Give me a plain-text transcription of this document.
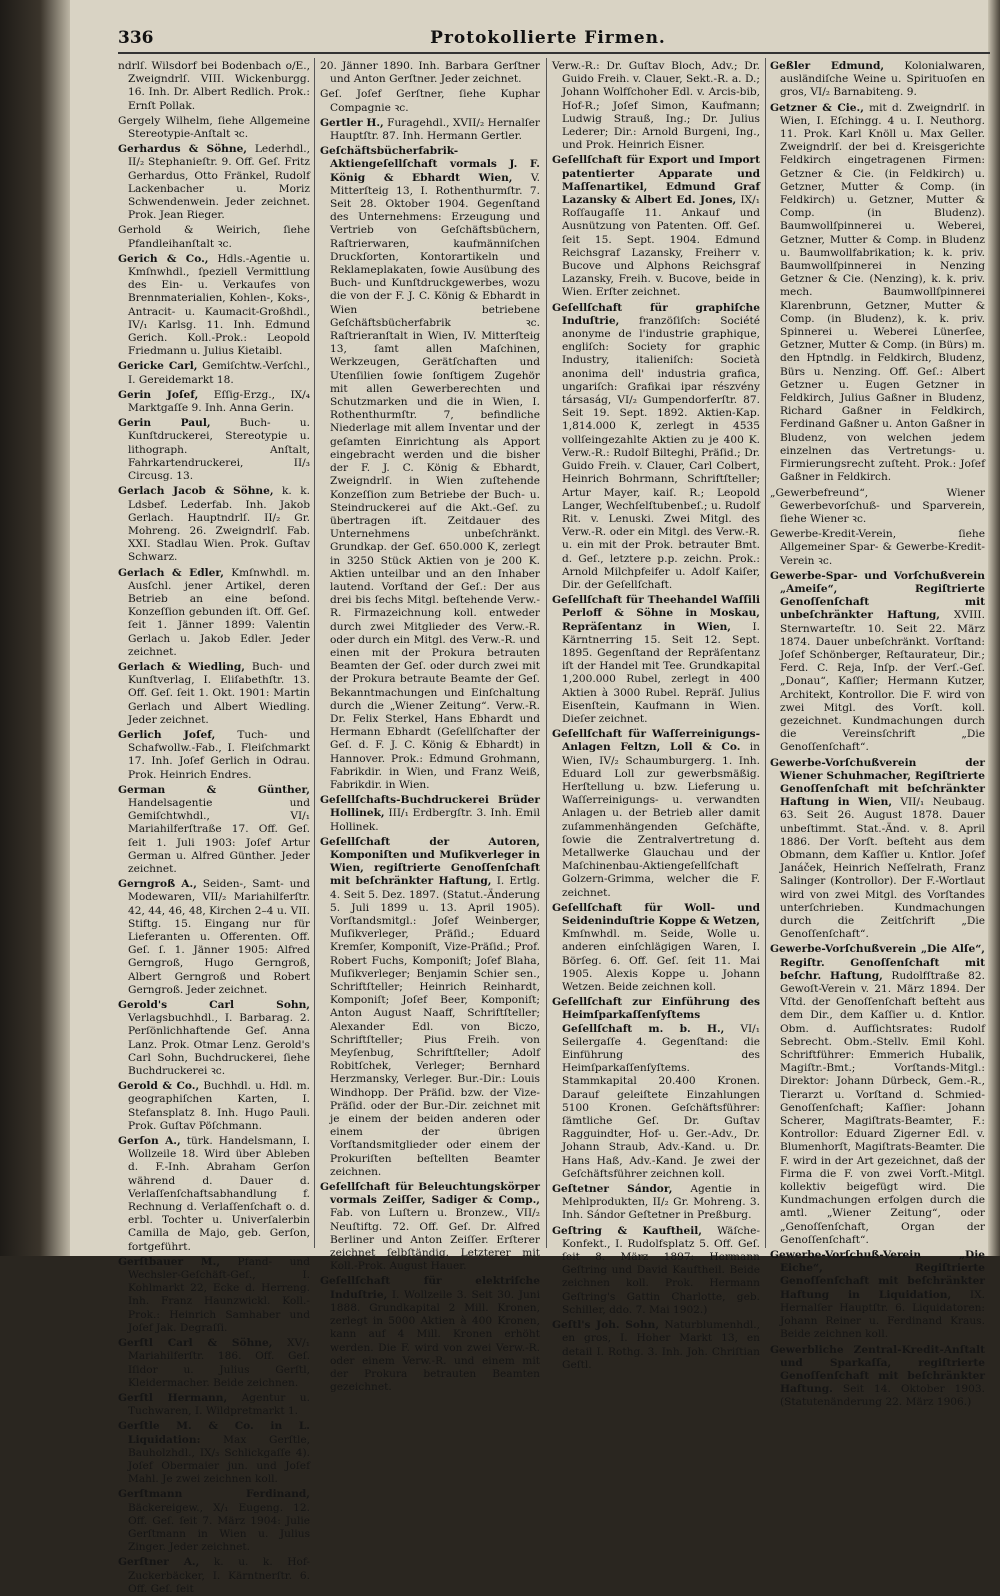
336	Protokollierte Firmen.
ndrlſ. Wilsdorf bei Bodenbach o/E., Zweigndrlſ. VIII. Wickenburgg. 16. Inh. Dr. Albert Redlich. Prok.: Ernſt Pollak.
Gergely Wilhelm, ſiehe Allgemeine Stereotypie-Anſtalt ꝛc.
Gerhardus & Söhne, Lederhdl., II/₂ Stephanieſtr. 9. Off. Geſ. Fritz Gerhardus, Otto Fränkel, Rudolf Lackenbacher u. Moriz Schwendenwein. Jeder zeichnet. Prok. Jean Rieger.
Gerhold & Weirich, ſiehe Pfandleihanſtalt ꝛc.
Gerich & Co., Hdls.-Agentie u. Kmſnwhdl., ſpeziell Vermittlung des Ein- u. Verkaufes von Brennmaterialien, Kohlen-, Koks-, Antracit- u. Kaumacit-Großhdl., IV/₁ Karlsg. 11. Inh. Edmund Gerich. Koll.-Prok.: Leopold Friedmann u. Julius Kietaibl.
Gericke Carl, Gemiſchtw.-Verſchl., I. Gereidemarkt 18.
Gerin Joſef, Eſſig-Erzg., IX/₄ Marktgaſſe 9. Inh. Anna Gerin.
Gerin Paul,	Buch- u. Kunſtdruckerei, Stereotypie u. lithograph. Anſtalt, Fahrkartendruckerei, II/₃ Circusg. 13.
Gerlach Jacob & Söhne, k. k. Ldsbef. Lederfab. Inh. Jakob Gerlach. Hauptndrlſ. II/₂ Gr. Mohreng. 26. Zweigndrlſ. Fab. XXI. Stadlau Wien. Prok. Guſtav Schwarz.
Gerlach & Edler, Kmſnwhdl. m. Ausſchl. jener Artikel, deren Betrieb an eine beſond. Konzeſſion gebunden iſt. Off. Geſ. ſeit 1. Jänner 1899: Valentin Gerlach u. Jakob Edler. Jeder zeichnet.
Gerlach & Wiedling, Buch- und Kunſtverlag, I. Eliſabethſtr. 13. Off. Geſ. ſeit 1. Okt. 1901: Martin Gerlach und Albert Wiedling. Jeder zeichnet.
Gerlich Joſef, Tuch- und Schafwollw.-Fab., I. Fleiſchmarkt 17. Inh. Joſef Gerlich in Odrau. Prok. Heinrich Endres.
German & Günther, Handelsagentie und Gemiſchtwhdl., VI/₁ Mariahilferſtraße 17. Off. Geſ. ſeit 1. Juli 1903: Joſef Artur German u. Alfred Günther. Jeder zeichnet.
Gerngroß A., Seiden-, Samt- und Modewaren, VII/₂ Mariahilferſtr. 42, 44, 46, 48, Kirchen 2–4 u. VII. Stiftg. 15. Eingang nur für Lieferanten u. Offerenten. Off. Geſ. ſ. 1. Jänner 1905: Alfred Gerngroß, Hugo Gerngroß, Albert Gerngroß und Robert Gerngroß. Jeder zeichnet.
Gerold's Carl Sohn, Verlagsbuchhdl., I. Barbarag. 2. Perſönlichhaftende Geſ. Anna Lanz. Prok. Otmar Lenz. Gerold's Carl Sohn, Buchdruckerei, ſiehe Buchdruckerei ꝛc.
Gerold & Co., Buchhdl. u. Hdl. m. geographiſchen Karten, I. Stefansplatz 8. Inh. Hugo Pauli. Prok. Guſtav Pöſchmann.
Gerſon A., türk. Handelsmann, I. Wollzeile 18. Wird über Ableben d. F.-Inh. Abraham Gerſon während d. Dauer d. Verlaſſenſchaftsabhandlung f. Rechnung d. Verlaſſenſchaft o. d. erbl. Tochter u. Univerſalerbin Camilla de Majo, geb. Gerſon, fortgeführt.
Gerſtbauer M., Pfand- und Wechsler-Geſchäft-Geſ., I. Kohlmarkt 22, Ecke d. Herreng. Inh. Franz Haunzwickl. Koll.-Prok.: Heinrich Samhaber und Joſef Jak. Degraſſi.
Gerſtl Carl & Söhne, XV/₁ Mariahilferſtr. 186. Off. Geſ. Iſidor u. Julius Gerſtl, Kleidermacher. Beide zeichnen.
Gerſtl Hermann, Agentur u. Tuchwaren, I. Wildpretmarkt 1.
Gerſtle M. & Co. in L. Liquidation: Max Gerſtle, Bauholzhdl., IX/₃ Schlickgaſſe 4). Joſef Obermaier jun. und Joſef Mahl. Je zwei zeichnen koll.
Gerſtmann Ferdinand, Bäckereigew., X/₁ Eugeng. 12. Off. Geſ. ſeit 7. März 1904: Julie Gerſtmann in Wien u. Julius Zinger. Jeder zeichnet.
Gerſtner A., k. u. k. Hof-Zuckerbäcker, I. Kärntnerſtr. 6. Off. Geſ. ſeit
20. Jänner 1890. Inh. Barbara Gerſtner und Anton Gerſtner. Jeder zeichnet.
Geſ. Joſef Gerſtner, ſiehe Kuphar Compagnie ꝛc.
Gertler H., Furagehdl., XVII/₂ Hernalſer Hauptſtr. 87. Inh. Hermann Gertler.
Geſchäftsbücherfabrik-Aktiengeſellſchaft vormals J. F. König & Ebhardt Wien, V. Mitterſteig 13, I. Rothenthurmſtr. 7. Seit 28. Oktober 1904. Gegenſtand des Unternehmens: Erzeugung und Vertrieb von Geſchäftsbüchern, Raſtrierwaren, kaufmänniſchen Druckſorten, Kontorartikeln und Reklameplakaten, ſowie Ausübung des Buch- und Kunſtdruckgewerbes, wozu die von der F. J. C. König & Ebhardt in Wien betriebene Geſchäftsbücherfabrik ꝛc. Raſtrieranſtalt in Wien, IV. Mitterſteig 13, ſamt allen Maſchinen, Werkzeugen, Gerätſchaften und Utenſilien ſowie ſonſtigem Zugehör mit allen Gewerberechten und Schutzmarken und die in Wien, I. Rothenthurmſtr. 7, befindliche Niederlage mit allem Inventar und der geſamten Einrichtung als Apport eingebracht werden und die bisher der F. J. C. König & Ebhardt, Zweigndrlſ. in Wien zuſtehende Konzeſſion zum Betriebe der Buch- u. Steindruckerei auf die Akt.-Geſ. zu übertragen iſt. Zeitdauer des Unternehmens unbeſchränkt. Grundkap. der Geſ. 650.000 K, zerlegt in 3250 Stück Aktien von je 200 K. Aktien unteilbar und an den Inhaber lautend. Vorſtand der Geſ.: Der aus drei bis ſechs Mitgl. beſtehende Verw.-R. Firmazeichnung koll. entweder durch zwei Mitglieder des Verw.-R. oder durch ein Mitgl. des Verw.-R. und einen mit der Prokura betrauten Beamten der Geſ. oder durch zwei mit der Prokura betraute Beamte der Geſ. Bekanntmachungen und Einſchaltung durch die „Wiener Zeitung“. Verw.-R. Dr. Felix Sterkel, Hans Ebhardt und Hermann Ebhardt (Geſellſchafter der Geſ. d. F. J. C. König & Ebhardt) in Hannover. Prok.: Edmund Grohmann, Fabrikdir. in Wien, und Franz Weiß, Fabrikdir. in Wien.
Geſellſchafts-Buchdruckerei Brüder Hollinek, III/₁ Erdbergſtr. 3. Inh. Emil Hollinek.
Geſellſchaft der Autoren, Komponiſten und Muſikverleger in Wien, regiſtrierte Genoſſenſchaft mit beſchränkter Haftung, I. Ertlg. 4. Seit 5. Dez. 1897. (Statut.-Änderung 5. Juli 1899 u. 13. April 1905). Vorſtandsmitgl.: Joſef Weinberger, Muſikverleger, Präſid.; Eduard Kremſer, Komponiſt, Vize-Präſid.; Prof. Robert Fuchs, Komponiſt; Joſef Blaha, Muſikverleger; Benjamin Schier sen., Schriftſteller; Heinrich Reinhardt, Komponiſt; Joſef Beer, Komponiſt; Anton August Naaff, Schriftſteller; Alexander Edl. von Biczo, Schriftſteller; Pius Freih. von Meyſenbug, Schriftſteller; Adolf Robitſchek, Verleger; Bernhard Herzmansky, Verleger. Bur.-Dir.: Louis Windhopp. Der Präſid. bzw. der Vize-Präſid. oder der Bur.-Dir. zeichnet mit je einem der beiden anderen oder einem der übrigen Vorſtandsmitglieder oder einem der Prokuriſten beſtellten Beamter zeichnen.
Geſellſchaft für Beleuchtungskörper vormals Zeiſſer, Sadiger & Comp., Fab. von Luſtern u. Bronzew., VII/₂ Neuſtiftg. 72. Off. Geſ. Dr. Alfred Berliner und Anton Zeiſſer. Erſterer zeichnet ſelbſtändig. Letzterer mit Koll.-Prok. August Hauer.
Geſellſchaft für elektriſche Induſtrie, I. Wollzeile 3. Seit 30. Juni 1888. Grundkapital 2 Mill. Kronen, zerlegt in 5000 Aktien à 400 Kronen, kann auf 4 Mill. Kronen erhöht werden. Die F. wird von zwei Verw.-R. oder einem Verw.-R. und einem mit der Prokura betrauten Beamten gezeichnet.
Verw.-R.: Dr. Guſtav Bloch, Adv.; Dr. Guido Freih. v. Clauer, Sekt.-R. a. D.; Johann Wolfſchoher Edl. v. Arcis-bib, Hof-R.; Joſef Simon, Kaufmann; Ludwig Strauß, Ing.; Dr. Julius Lederer; Dir.: Arnold Burgeni, Ing., und Prok. Heinrich Eisner.
Geſellſchaft für Export und Import patentierter Apparate und Maſſenartikel, Edmund Graf Lazansky & Albert Ed. Jones, IX/₁ Roſſaugaſſe 11. Ankauf und Ausnützung von Patenten. Off. Geſ. ſeit 15. Sept. 1904. Edmund Reichsgraf Lazansky, Freiherr v. Bucove und Alphons Reichsgraf Lazansky, Freih. v. Bucove, beide in Wien. Erſter zeichnet.
Geſellſchaft für graphiſche Induſtrie, franzöſiſch: Société anonyme de l'industrie graphique, engliſch: Society for graphic Industry, italieniſch: Società anonima dell' industria grafica, ungariſch: Grafikai ipar részvény társaság, VI/₂ Gumpendorferſtr. 87. Seit 19. Sept. 1892. Aktien-Kap. 1,814.000 K, zerlegt in 4535 vollſeingezahlte Aktien zu je 400 K. Verw.-R.: Rudolf Bilteghi, Präſid.; Dr. Guido Freih. v. Clauer, Carl Colbert, Heinrich Bohrmann, Schriftſteller; Artur Mayer, kaiſ. R.; Leopold Langer, Wechſelſtubenbeſ.; u. Rudolf Rit. v. Lenuski. Zwei Mitgl. des Verw.-R. oder ein Mitgl. des Verw.-R. u. ein mit der Prok. betrauter Bmt. d. Geſ., letztere p.p. zeichn. Prok.: Arnold Milchpfeifer u. Adolf Kaiſer, Dir. der Geſellſchaft.
Geſellſchaft für Theehandel Waſſili Perloff & Söhne in Moskau, Repräſentanz in Wien, I. Kärntnerring 15. Seit 12. Sept. 1895. Gegenſtand der Repräſentanz iſt der Handel mit Tee. Grundkapital 1,200.000 Rubel, zerlegt in 400 Aktien à 3000 Rubel. Repräſ. Julius Eisenſtein, Kaufmann in Wien. Dieſer zeichnet.
Geſellſchaft für Waſſerreinigungs-Anlagen Feltzn, Loll & Co. in Wien, IV/₂ Schaumburgerg. 1. Inh. Eduard Loll zur gewerbsmäßig. Herſtellung u. bzw. Lieferung u. Waſſerreinigungs- u. verwandten Anlagen u. der Betrieb aller damit zuſammenhängenden Geſchäfte, ſowie die Zentralvertretung d. Metallwerke Glauchau und der Maſchinenbau-Aktiengeſellſchaft Golzern-Grimma, welcher die F. zeichnet.
Geſellſchaft für Woll- und Seideninduſtrie Koppe & Wetzen, Kmſnwhdl. m. Seide, Wolle u. anderen einſchlägigen Waren, I. Börſeg. 6. Off. Geſ. ſeit 11. Mai 1905. Alexis Koppe u. Johann Wetzen. Beide zeichnen koll.
Geſellſchaft zur Einführung des Heimſparkaſſenſyſtems Geſellſchaft m. b. H., VI/₁ Seilergaſſe 4. Gegenſtand: die Einführung des Heimſparkaſſenſyſtems. Stammkapital 20.400 Kronen. Darauf geleiſtete Einzahlungen 5100 Kronen. Geſchäftsführer: ſämtliche Geſ. Dr. Guſtav Ragguindter, Hof- u. Ger.-Adv., Dr. Johann Straub, Adv.-Kand. u. Dr. Hans Haß, Adv.-Kand. Je zwei der Geſchäftsführer zeichnen koll.
Geſtetner Sándor, Agentie in Mehlprodukten, II/₂ Gr. Mohreng. 3. Inh. Sándor Geſtetner in Preßburg.
Geſtring & Kauftheil, Wäſche-Konfekt., I. Rudolfsplatz 5. Off. Geſ. ſeit 8. März 1897: Hermann Geſtring und David Kauftheil. Beide zeichnen koll. Prok. Hermann Geſtring's Gattin Charlotte, geb. Schiller, ddo. 7. Mai 1902.)
Geſtl's Joh. Sohn, Naturblumenhdl., en gros, I. Hoher Markt 13, en detail I. Rothg. 3. Inh. Joh. Chriſtian Geſtl.
Geßler Edmund, Kolonialwaren, ausländiſche Weine u. Spirituoſen en gros, VI/₂ Barnabiteng. 9.
Getzner & Cie., mit d. Zweigndrlſ. in Wien, I. Eſchingg. 4 u. I. Neuthorg. 11. Prok. Karl Knöll u. Max Geller. Zweigndrlſ. der bei d. Kreisgerichte Feldkirch eingetragenen Firmen: Getzner & Cie. (in Feldkirch) u. Getzner, Mutter & Comp. (in Feldkirch) u. Getzner, Mutter & Comp. (in Bludenz). Baumwollſpinnerei u. Weberei, Getzner, Mutter & Comp. in Bludenz u. Baumwollfabrikation; k. k. priv. Baumwollſpinnerei in Nenzing Getzner & Cie. (Nenzing), k. k. priv. mech. Baumwollſpinnerei Klarenbrunn, Getzner, Mutter & Comp. (in Bludenz), k. k. priv. Spinnerei u. Weberei Lünerſee, Getzner, Mutter & Comp. (in Bürs) m. den Hptndlg. in Feldkirch, Bludenz, Bürs u. Nenzing. Off. Geſ.: Albert Getzner u. Eugen Getzner in Feldkirch, Julius Gaßner in Bludenz, Richard Gaßner in Feldkirch, Ferdinand Gaßner u. Anton Gaßner in Bludenz, von welchen jedem einzelnen das Vertretungs- u. Firmierungsrecht zuſteht. Prok.: Joſef Gaßner in Feldkirch.
„Gewerbefreund“, Wiener Gewerbevorſchuß- und Sparverein, ſiehe Wiener ꝛc.
Gewerbe-Kredit-Verein, ſiehe Allgemeiner Spar- & Gewerbe-Kredit-Verein ꝛc.
Gewerbe-Spar- und Vorſchußverein „Ameiſe“, Regiſtrierte Genoſſenſchaft mit unbeſchränkter Haftung, XVIII. Sternwarteſtr. 10. Seit 22. März 1874. Dauer unbeſchränkt. Vorſtand: Joſef Schönberger, Reſtaurateur, Dir.; Ferd. C. Reja, Inſp. der Verſ.-Geſ. „Donau“, Kaſſier; Hermann Kutzer, Architekt, Kontrollor. Die F. wird von zwei Mitgl. des Vorſt. koll. gezeichnet. Kundmachungen durch die Vereinsſchrift „Die Genoſſenſchaft“.
Gewerbe-Vorſchußverein der Wiener Schuhmacher, Regiſtrierte Genoſſenſchaft mit beſchränkter Haftung in Wien, VII/₁ Neubaug. 63. Seit 26. August 1878. Dauer unbeſtimmt. Stat.-Änd. v. 8. April 1886. Der Vorſt. beſteht aus dem Obmann, dem Kaſſier u. Kntlor. Joſef Janáček, Heinrich Neſſelrath, Franz Salinger (Kontrollor). Der F.-Wortlaut wird von zwei Mitgl. des Vorſtandes unterſchrieben. Kundmachungen durch die Zeitſchrift „Die Genoſſenſchaft“.
Gewerbe-Vorſchußverein „Die Alſe“, Regiſtr. Genoſſenſchaft mit beſchr. Haftung, Rudolfſtraße 82. Gewoſt-Verein v. 21. März 1894. Der Vſtd. der Genoſſenſchaft beſteht aus dem Dir., dem Kaſſier u. d. Kntlor. Obm. d. Aufſichtsrates: Rudolf Sebrecht. Obm.-Stellv. Emil Kohl. Schriftführer: Emmerich Hubalik, Magiſtr.-Bmt.; Vorſtands-Mitgl.: Direktor: Johann Dürbeck, Gem.-R., Tierarzt u. Vorſtand d. Schmied-Genoſſenſchaft; Kaſſier: Johann Scherer, Magiſtrats-Beamter, F.: Kontrollor: Eduard Zigerner Edl. v. Blumenhorſt, Magiſtrats-Beamter. Die F. wird in der Art gezeichnet, daß der Firma die F. von zwei Vorſt.-Mitgl. kollektiv beigefügt wird. Die Kundmachungen erfolgen durch die amtl. „Wiener Zeitung“, oder „Genoſſenſchaft, Organ der Genoſſenſchaft“.
Gewerbe-Vorſchuß-Verein „Die Eiche“, Regiſtrierte Genoſſenſchaft mit beſchränkter Haftung in Liquidation, IX. Hernalſer Hauptſtr. 6. Liquidatoren: Johann Reiner u. Ferdinand Kraus. Beide zeichnen koll.
Gewerbliche Zentral-Kredit-Anſtalt und Sparkaſſa, regiſtrierte Genoſſenſchaft mit beſchränkter Haftung. Seit 14. Oktober 1903. (Statutenänderung 22. März 1906.)
